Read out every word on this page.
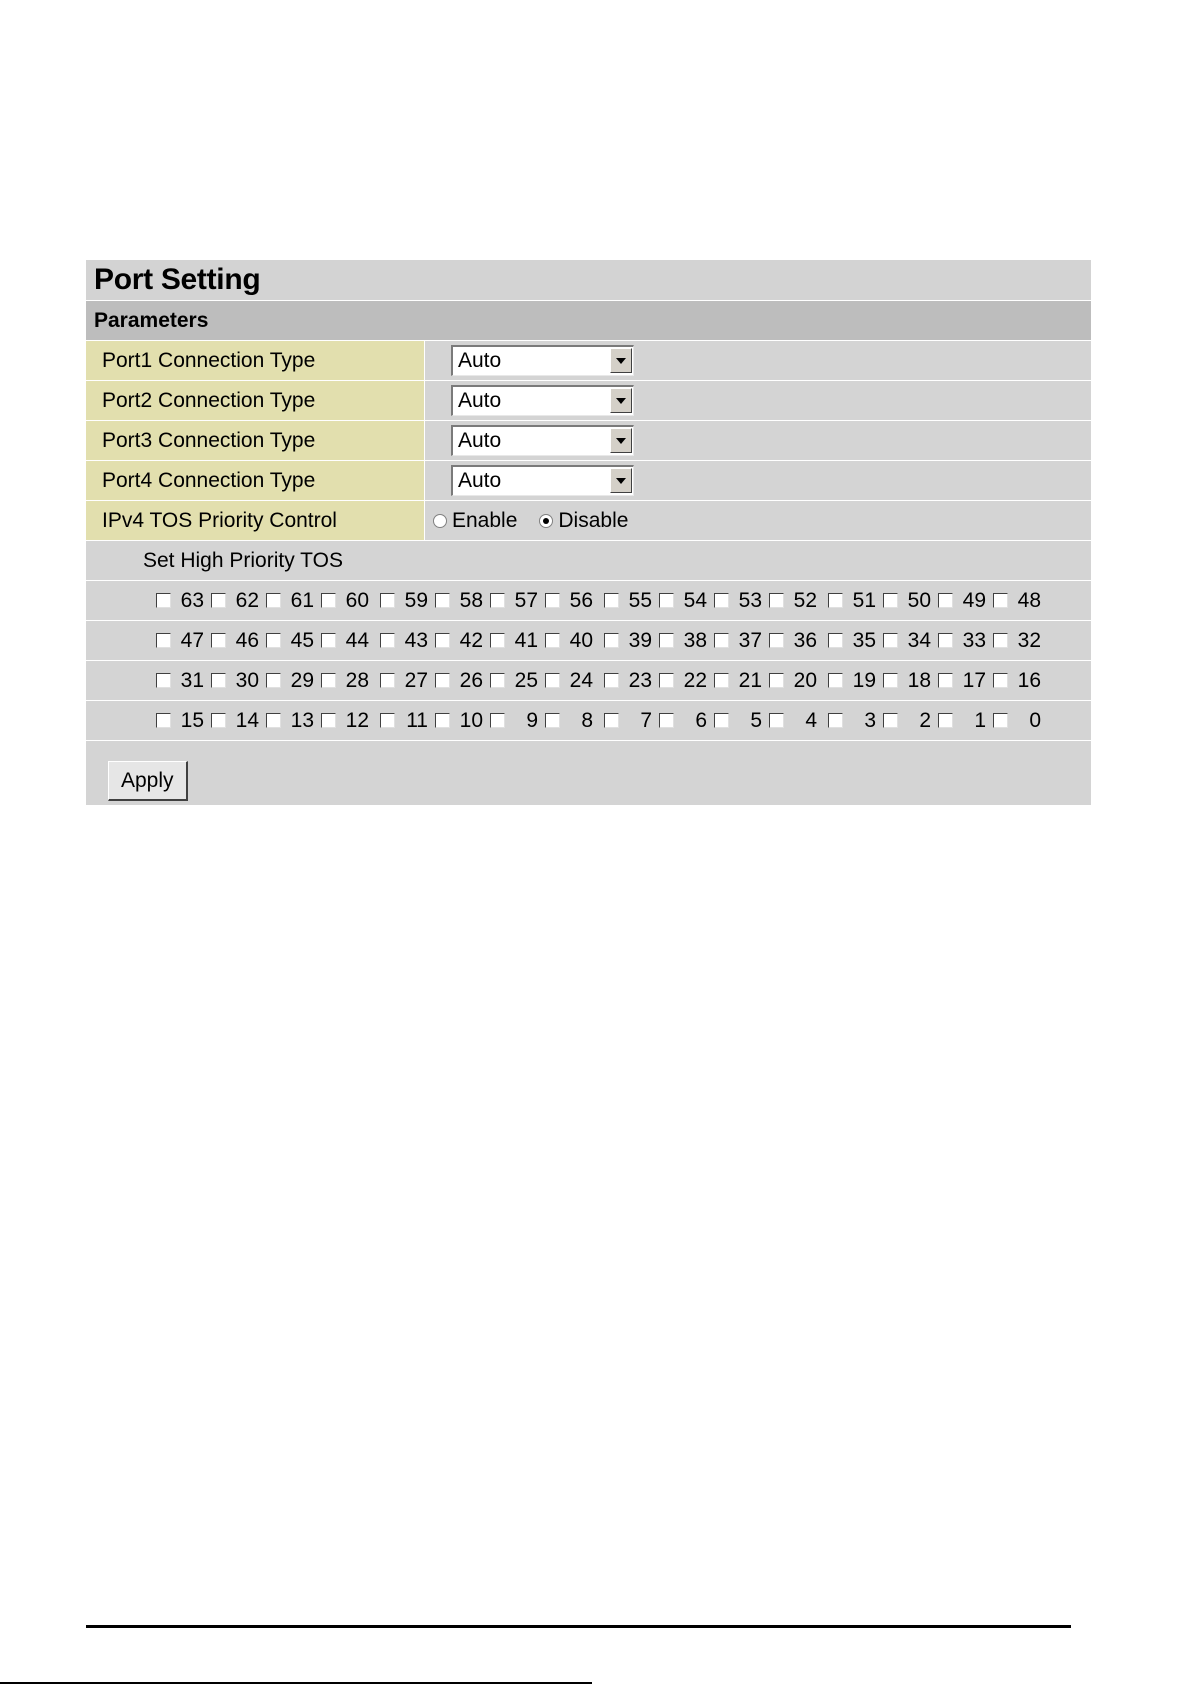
Port Setting
Parameters
Port1 Connection Type	Auto
Port2 Connection Type	Auto
Port3 Connection Type	Auto
Port4 Connection Type	Auto
IPv4 TOS Priority Control	Enable Disable
Set High Priority TOS
63 62 61 60 59 58 57 56 55 54 53 52 51 50 49 48
47 46 45 44 43 42 41 40 39 38 37 36 35 34 33 32
31 30 29 28 27 26 25 24 23 22 21 20 19 18 17 16
15 14 13 12 11 10	9	8	7	6	5	4	3	2	1	0
Apply
